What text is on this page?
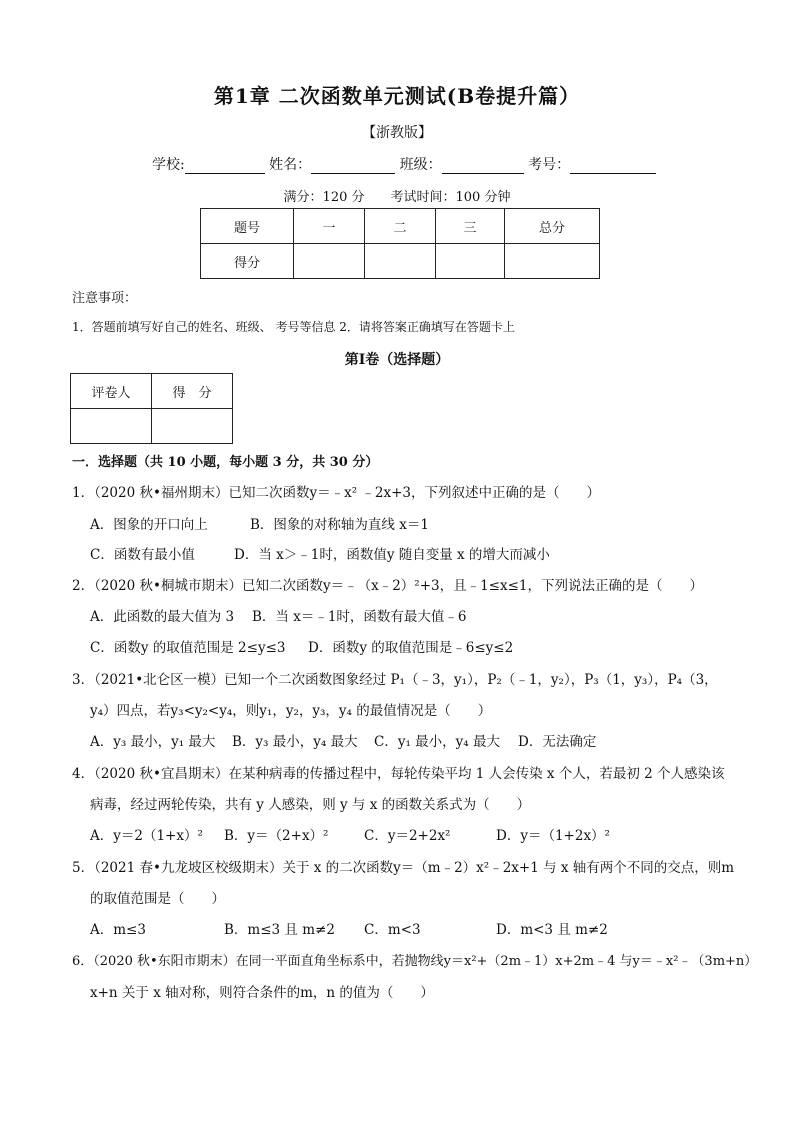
第1章 二次函数单元测试(B卷提升篇）
【浙教版】
学校:	姓名：	班级：	考号：
满分：120 分　　考试时间：100 分钟
题号	一	二	三	总分
得分				
注意事项：
1．答题前填写好自己的姓名、班级、 考号等信息 2．请将答案正确填写在答题卡上
第Ⅰ卷（选择题）
评卷人	得　分

一．选择题（共 10 小题，每小题 3 分，共 30 分）
1．（2020 秋•福州期末）已知二次函数y＝﹣x² ﹣2x+3，下列叙述中正确的是（　　）
A．图象的开口向上	B．图象的对称轴为直线 x＝1
C．函数有最小值	D．当 x＞﹣1时，函数值y 随自变量 x 的增大而减小
2．（2020 秋•桐城市期末）已知二次函数y＝﹣（x﹣2）²+3，且﹣1≤x≤1，下列说法正确的是（　　）
A．此函数的最大值为 3 B．当 x＝﹣1时，函数有最大值﹣6
C．函数y 的取值范围是 2≤y≤3 D．函数y 的取值范围是﹣6≤y≤2
3．（2021•北仑区一模）已知一个二次函数图象经过 P₁（﹣3，y₁），P₂（﹣1，y₂），P₃（1，y₃），P₄（3，
y₄）四点，若y₃<y₂<y₄，则y₁，y₂，y₃，y₄ 的最值情况是（　　）
A．y₃ 最小，y₁ 最大 B．y₃ 最小，y₄ 最大 C．y₁ 最小，y₄ 最大 D．无法确定
4．（2020 秋•宜昌期末）在某种病毒的传播过程中，每轮传染平均 1 人会传染 x 个人，若最初 2 个人感染该
病毒，经过两轮传染，共有 y 人感染，则 y 与 x 的函数关系式为（　　）
A．y＝2（1+x）² B．y＝（2+x）²	C．y＝2+2x²	D．y＝（1+2x）²
5．（2021 春•九龙坡区校级期末）关于 x 的二次函数y＝（m﹣2）x²﹣2x+1 与 x 轴有两个不同的交点，则m
的取值范围是（　　）
A．m≤3	B．m≤3 且 m≠2 C．m<3	D．m<3 且 m≠2
6．（2020 秋•东阳市期末）在同一平面直角坐标系中，若抛物线y＝x²+（2m﹣1）x+2m﹣4 与y＝﹣x²﹣（3m+n）
x+n 关于 x 轴对称，则符合条件的m，n 的值为（　　）
